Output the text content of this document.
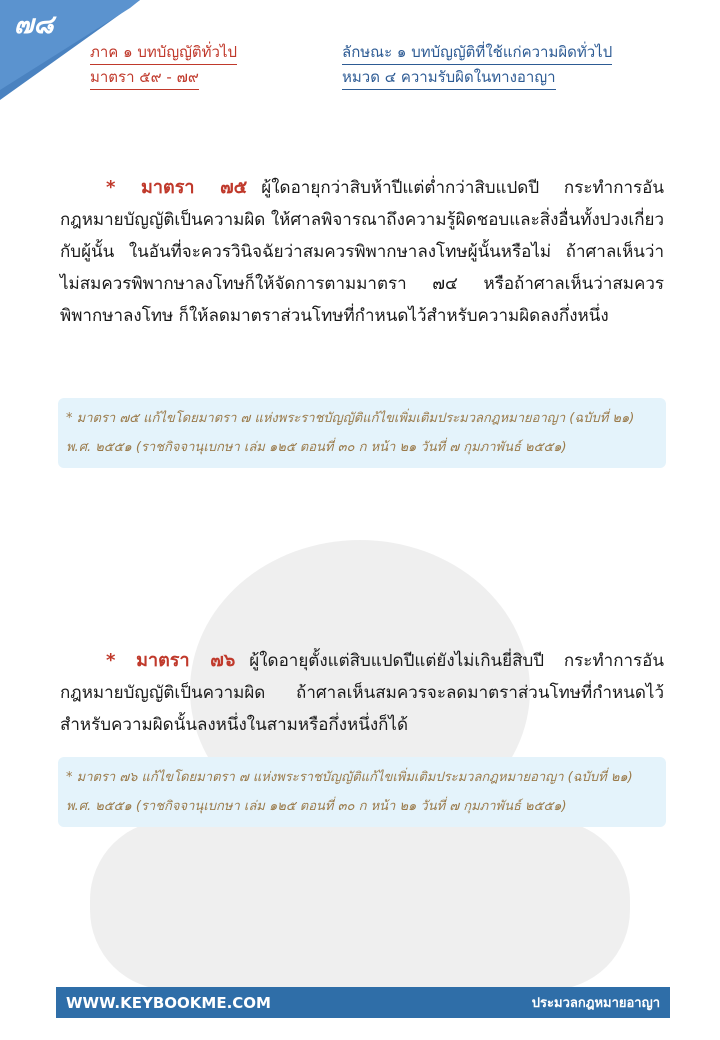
๗๘
ภาค ๑ บทบัญญัติทั่วไป
มาตรา ๕๙ - ๗๙
ลักษณะ ๑ บทบัญญัติที่ใช้แก่ความผิดทั่วไป
หมวด ๔ ความรับผิดในทางอาญา

* มาตรา ๗๕ ผู้ใดอายุกว่าสิบห้าปีแต่ต่ำกว่าสิบแปดปี กระทำการอันกฎหมายบัญญัติเป็นความผิด ให้ศาลพิจารณาถึงความรู้ผิดชอบและสิ่งอื่นทั้งปวงเกี่ยวกับผู้นั้น ในอันที่จะควรวินิจฉัยว่าสมควรพิพากษาลงโทษผู้นั้นหรือไม่ ถ้าศาลเห็นว่าไม่สมควรพิพากษาลงโทษก็ให้จัดการตามมาตรา ๗๔ หรือถ้าศาลเห็นว่าสมควรพิพากษาลงโทษ ก็ให้ลดมาตราส่วนโทษที่กำหนดไว้สำหรับความผิดลงกึ่งหนึ่ง

* มาตรา ๗๕ แก้ไขโดยมาตรา ๗ แห่งพระราชบัญญัติแก้ไขเพิ่มเติมประมวลกฎหมายอาญา (ฉบับที่ ๒๑) พ.ศ. ๒๕๕๑ (ราชกิจจานุเบกษา เล่ม ๑๒๕ ตอนที่ ๓๐ ก หน้า ๒๑ วันที่ ๗ กุมภาพันธ์ ๒๕๕๑)

* มาตรา ๗๖ ผู้ใดอายุตั้งแต่สิบแปดปีแต่ยังไม่เกินยี่สิบปี กระทำการอันกฎหมายบัญญัติเป็นความผิด ถ้าศาลเห็นสมควรจะลดมาตราส่วนโทษที่กำหนดไว้สำหรับความผิดนั้นลงหนึ่งในสามหรือกึ่งหนึ่งก็ได้

* มาตรา ๗๖ แก้ไขโดยมาตรา ๗ แห่งพระราชบัญญัติแก้ไขเพิ่มเติมประมวลกฎหมายอาญา (ฉบับที่ ๒๑) พ.ศ. ๒๕๕๑ (ราชกิจจานุเบกษา เล่ม ๑๒๕ ตอนที่ ๓๐ ก หน้า ๒๑ วันที่ ๗ กุมภาพันธ์ ๒๕๕๑)
WWW.KEYBOOKME.COM	ประมวลกฎหมายอาญา
